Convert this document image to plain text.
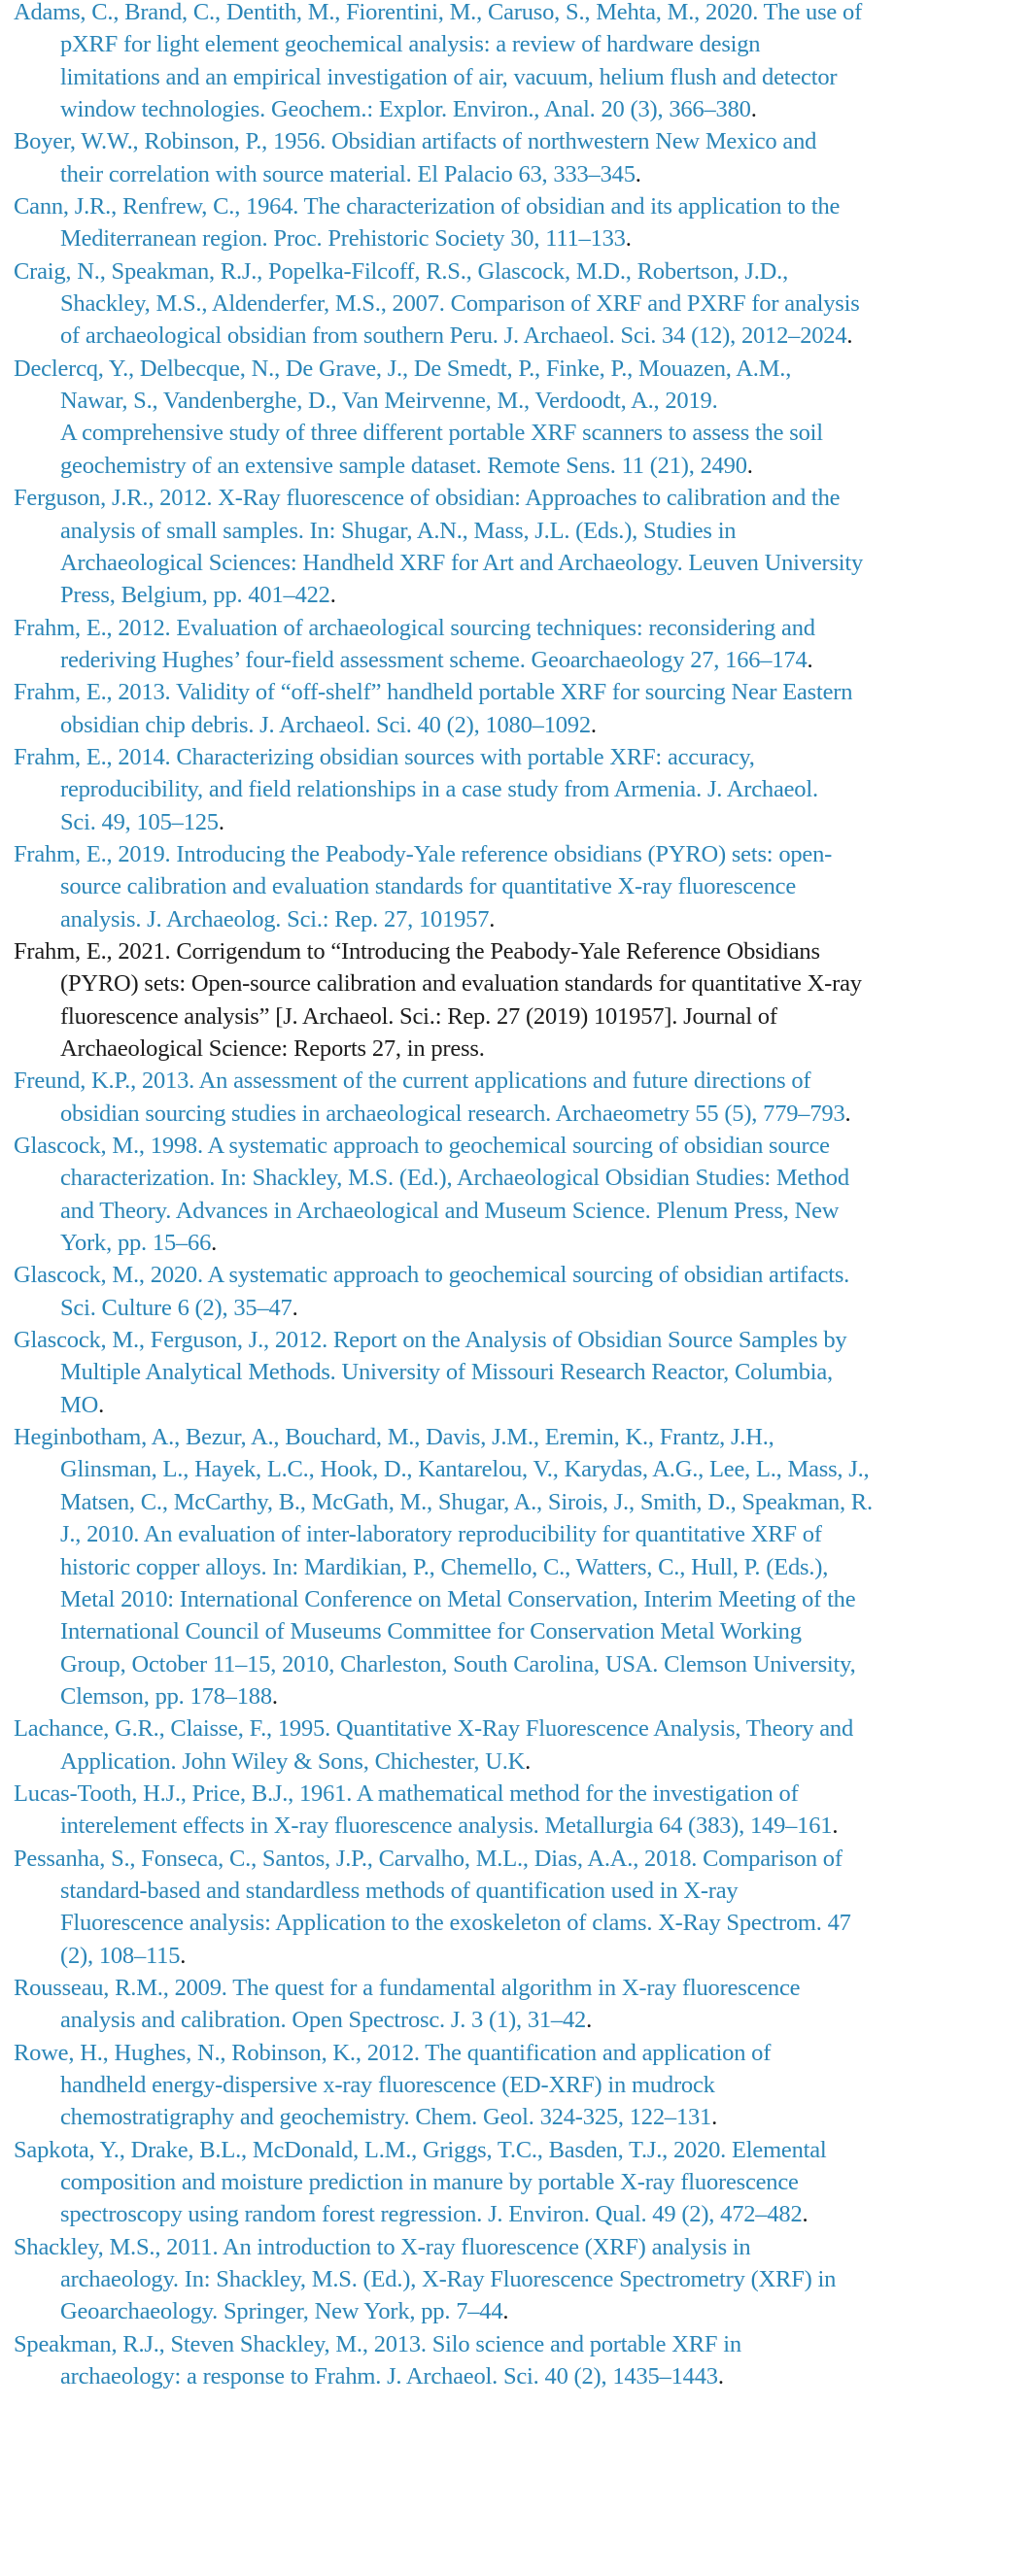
Adams, C., Brand, C., Dentith, M., Fiorentini, M., Caruso, S., Mehta, M., 2020. The use of
pXRF for light element geochemical analysis: a review of hardware design
limitations and an empirical investigation of air, vacuum, helium flush and detector
window technologies. Geochem.: Explor. Environ., Anal. 20 (3), 366–380.

Boyer, W.W., Robinson, P., 1956. Obsidian artifacts of northwestern New Mexico and
their correlation with source material. El Palacio 63, 333–345.

Cann, J.R., Renfrew, C., 1964. The characterization of obsidian and its application to the
Mediterranean region. Proc. Prehistoric Society 30, 111–133.

Craig, N., Speakman, R.J., Popelka-Filcoff, R.S., Glascock, M.D., Robertson, J.D.,
Shackley, M.S., Aldenderfer, M.S., 2007. Comparison of XRF and PXRF for analysis
of archaeological obsidian from southern Peru. J. Archaeol. Sci. 34 (12), 2012–2024.

Declercq, Y., Delbecque, N., De Grave, J., De Smedt, P., Finke, P., Mouazen, A.M.,
Nawar, S., Vandenberghe, D., Van Meirvenne, M., Verdoodt, A., 2019.
A comprehensive study of three different portable XRF scanners to assess the soil
geochemistry of an extensive sample dataset. Remote Sens. 11 (21), 2490.

Ferguson, J.R., 2012. X-Ray fluorescence of obsidian: Approaches to calibration and the
analysis of small samples. In: Shugar, A.N., Mass, J.L. (Eds.), Studies in
Archaeological Sciences: Handheld XRF for Art and Archaeology. Leuven University
Press, Belgium, pp. 401–422.

Frahm, E., 2012. Evaluation of archaeological sourcing techniques: reconsidering and
rederiving Hughes’ four-field assessment scheme. Geoarchaeology 27, 166–174.

Frahm, E., 2013. Validity of “off-shelf” handheld portable XRF for sourcing Near Eastern
obsidian chip debris. J. Archaeol. Sci. 40 (2), 1080–1092.

Frahm, E., 2014. Characterizing obsidian sources with portable XRF: accuracy,
reproducibility, and field relationships in a case study from Armenia. J. Archaeol.
Sci. 49, 105–125.

Frahm, E., 2019. Introducing the Peabody-Yale reference obsidians (PYRO) sets: open-
source calibration and evaluation standards for quantitative X-ray fluorescence
analysis. J. Archaeolog. Sci.: Rep. 27, 101957.

Frahm, E., 2021. Corrigendum to “Introducing the Peabody-Yale Reference Obsidians
(PYRO) sets: Open-source calibration and evaluation standards for quantitative X-ray
fluorescence analysis” [J. Archaeol. Sci.: Rep. 27 (2019) 101957]. Journal of
Archaeological Science: Reports 27, in press.

Freund, K.P., 2013. An assessment of the current applications and future directions of
obsidian sourcing studies in archaeological research. Archaeometry 55 (5), 779–793.

Glascock, M., 1998. A systematic approach to geochemical sourcing of obsidian source
characterization. In: Shackley, M.S. (Ed.), Archaeological Obsidian Studies: Method
and Theory. Advances in Archaeological and Museum Science. Plenum Press, New
York, pp. 15–66.

Glascock, M., 2020. A systematic approach to geochemical sourcing of obsidian artifacts.
Sci. Culture 6 (2), 35–47.

Glascock, M., Ferguson, J., 2012. Report on the Analysis of Obsidian Source Samples by
Multiple Analytical Methods. University of Missouri Research Reactor, Columbia,
MO.

Heginbotham, A., Bezur, A., Bouchard, M., Davis, J.M., Eremin, K., Frantz, J.H.,
Glinsman, L., Hayek, L.C., Hook, D., Kantarelou, V., Karydas, A.G., Lee, L., Mass, J.,
Matsen, C., McCarthy, B., McGath, M., Shugar, A., Sirois, J., Smith, D., Speakman, R.
J., 2010. An evaluation of inter-laboratory reproducibility for quantitative XRF of
historic copper alloys. In: Mardikian, P., Chemello, C., Watters, C., Hull, P. (Eds.),
Metal 2010: International Conference on Metal Conservation, Interim Meeting of the
International Council of Museums Committee for Conservation Metal Working
Group, October 11–15, 2010, Charleston, South Carolina, USA. Clemson University,
Clemson, pp. 178–188.

Lachance, G.R., Claisse, F., 1995. Quantitative X-Ray Fluorescence Analysis, Theory and
Application. John Wiley & Sons, Chichester, U.K.

Lucas-Tooth, H.J., Price, B.J., 1961. A mathematical method for the investigation of
interelement effects in X-ray fluorescence analysis. Metallurgia 64 (383), 149–161.

Pessanha, S., Fonseca, C., Santos, J.P., Carvalho, M.L., Dias, A.A., 2018. Comparison of
standard-based and standardless methods of quantification used in X-ray
Fluorescence analysis: Application to the exoskeleton of clams. X-Ray Spectrom. 47
(2), 108–115.

Rousseau, R.M., 2009. The quest for a fundamental algorithm in X-ray fluorescence
analysis and calibration. Open Spectrosc. J. 3 (1), 31–42.

Rowe, H., Hughes, N., Robinson, K., 2012. The quantification and application of
handheld energy-dispersive x-ray fluorescence (ED-XRF) in mudrock
chemostratigraphy and geochemistry. Chem. Geol. 324-325, 122–131.

Sapkota, Y., Drake, B.L., McDonald, L.M., Griggs, T.C., Basden, T.J., 2020. Elemental
composition and moisture prediction in manure by portable X-ray fluorescence
spectroscopy using random forest regression. J. Environ. Qual. 49 (2), 472–482.

Shackley, M.S., 2011. An introduction to X-ray fluorescence (XRF) analysis in
archaeology. In: Shackley, M.S. (Ed.), X-Ray Fluorescence Spectrometry (XRF) in
Geoarchaeology. Springer, New York, pp. 7–44.

Speakman, R.J., Steven Shackley, M., 2013. Silo science and portable XRF in
archaeology: a response to Frahm. J. Archaeol. Sci. 40 (2), 1435–1443.
